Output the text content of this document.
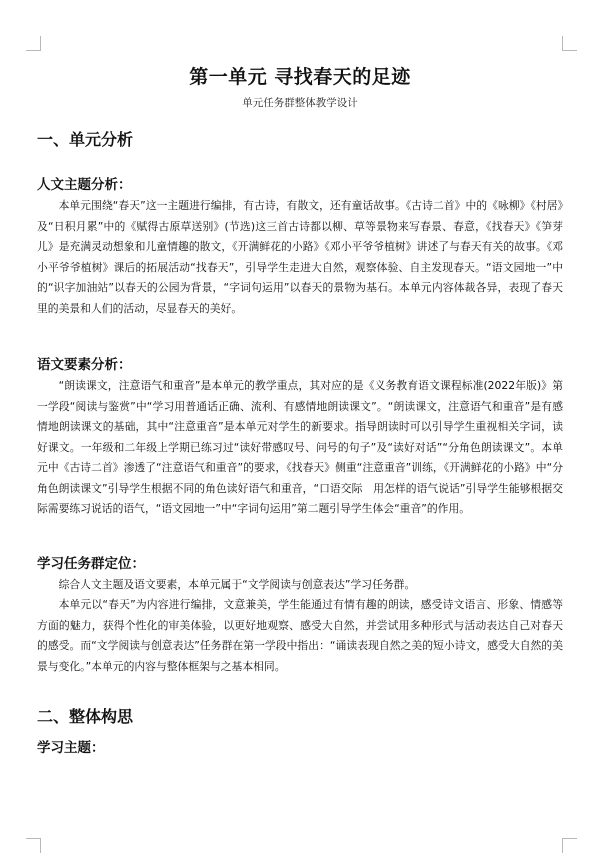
第一单元 寻找春天的足迹

单元任务群整体教学设计

一、单元分析
人文主题分析：

本单元围绕“春天”这一主题进行编排，有古诗，有散文，还有童话故事。《古诗二首》中的《咏柳》《村居》及“日积月累”中的《赋得古原草送别》(节选)这三首古诗都以柳、草等景物来写春景、春意，《找春天》《笋芽儿》是充满灵动想象和儿童情趣的散文，《开满鲜花的小路》《邓小平爷爷植树》讲述了与春天有关的故事。《邓小平爷爷植树》课后的拓展活动“找春天”，引导学生走进大自然，观察体验、自主发现春天。“语文园地一”中的“识字加油站”以春天的公园为背景，“字词句运用”以春天的景物为基石。本单元内容体裁各异，表现了春天里的美景和人们的活动，尽显春天的美好。

语文要素分析：

“朗读课文，注意语气和重音”是本单元的教学重点，其对应的是《义务教育语文课程标准(2022年版)》第一学段“阅读与鉴赏”中“学习用普通话正确、流利、有感情地朗读课文”。“朗读课文，注意语气和重音”是有感情地朗读课文的基础，其中“注意重音”是本单元对学生的新要求。指导朗读时可以引导学生重视相关字词，读好课文。一年级和二年级上学期已练习过“读好带感叹号、问号的句子”及“读好对话”“分角色朗读课文”。本单元中《古诗二首》渗透了“注意语气和重音”的要求，《找春天》侧重“注意重音”训练，《开满鲜花的小路》中“分角色朗读课文”引导学生根据不同的角色读好语气和重音，“口语交际　用怎样的语气说话”引导学生能够根据交际需要练习说话的语气，“语文园地一”中“字词句运用”第二题引导学生体会“重音”的作用。

学习任务群定位：

综合人文主题及语文要素，本单元属于“文学阅读与创意表达”学习任务群。

本单元以“春天”为内容进行编排，文意兼美，学生能通过有情有趣的朗读，感受诗文语言、形象、情感等方面的魅力，获得个性化的审美体验，以更好地观察、感受大自然，并尝试用多种形式与活动表达自己对春天的感受。而“文学阅读与创意表达”任务群在第一学段中指出：“诵读表现自然之美的短小诗文，感受大自然的美景与变化。”本单元的内容与整体框架与之基本相同。

二、整体构思
学习主题：
